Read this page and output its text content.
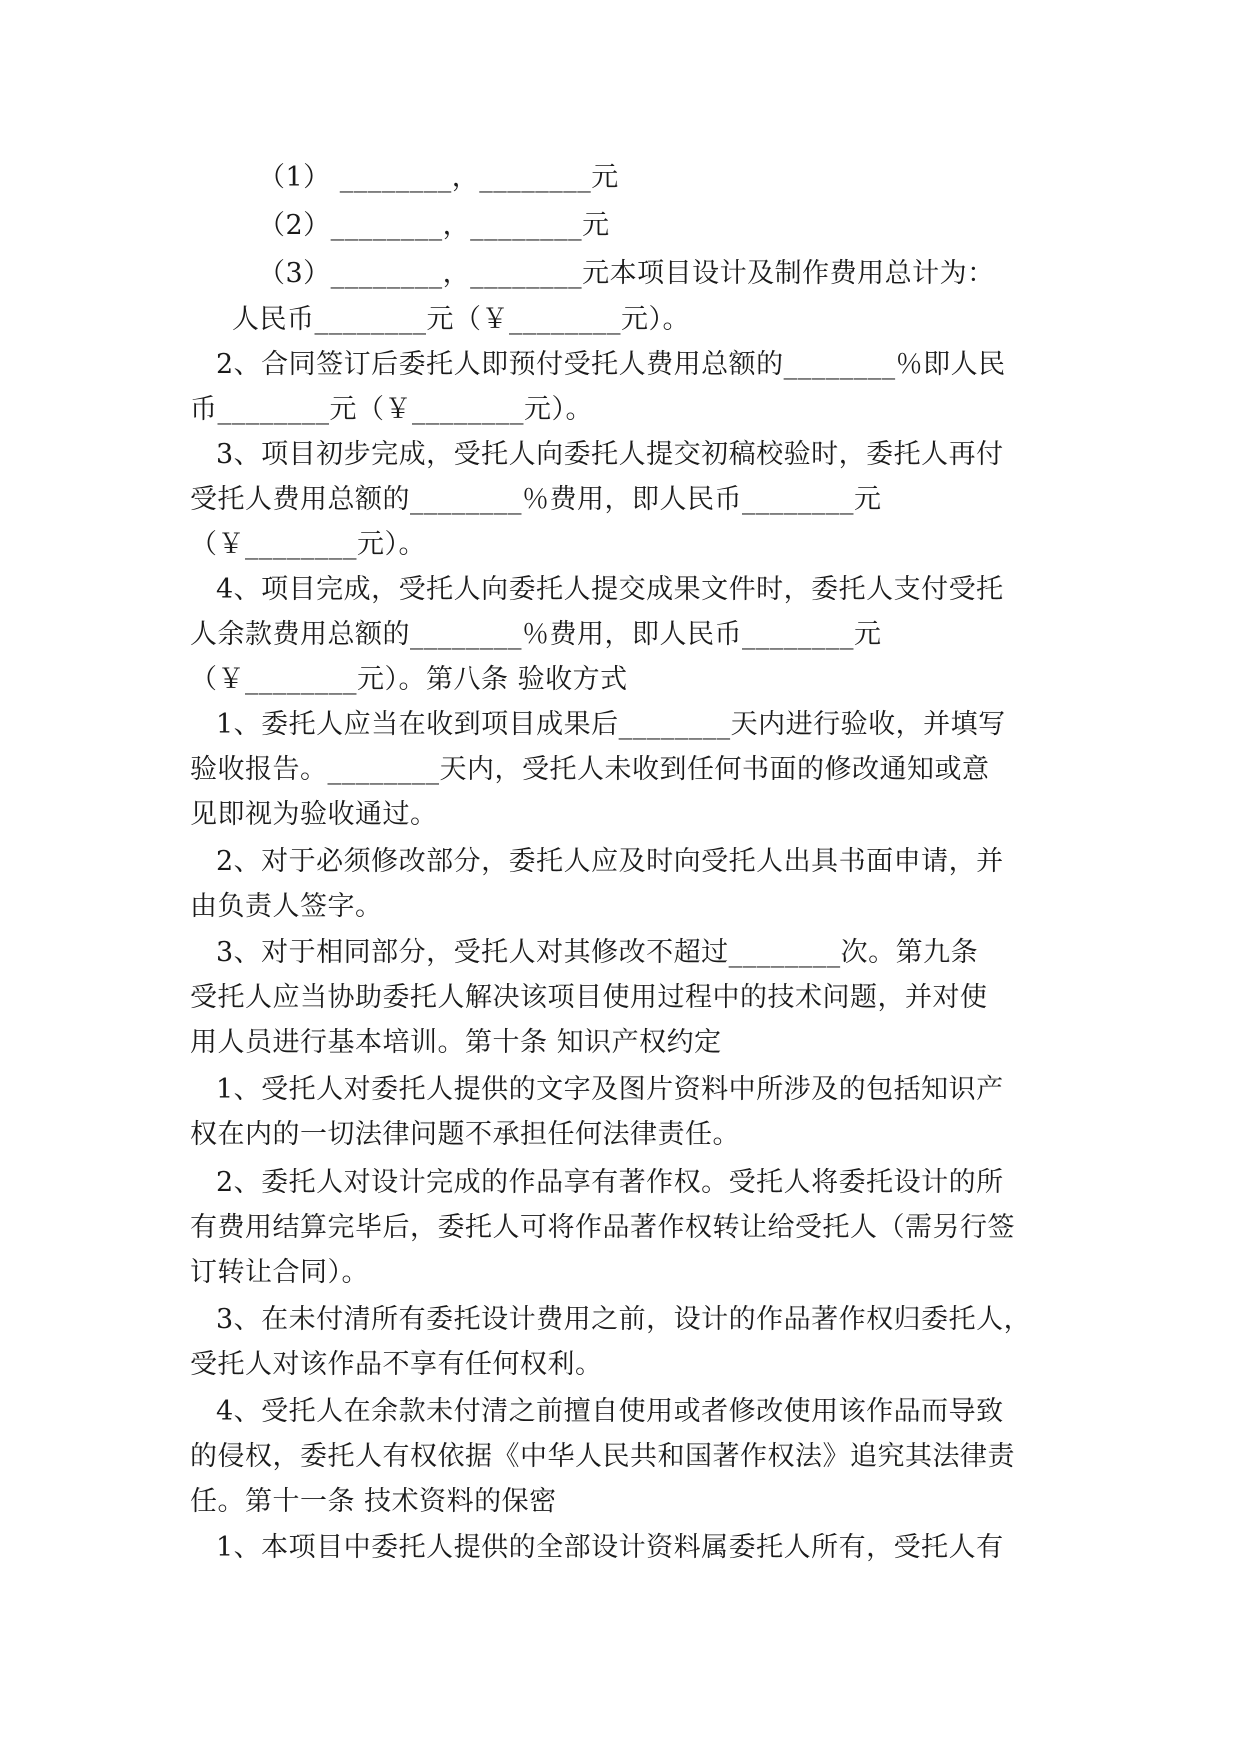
（1） ________，________元

（2）________，________元

（3）________，________元本项目设计及制作费用总计为：

人民币________元（￥________元）。

2、合同签订后委托人即预付受托人费用总额的________％即人民

币________元（￥________元）。

3、项目初步完成，受托人向委托人提交初稿校验时，委托人再付

受托人费用总额的________％费用，即人民币________元

（￥________元）。

4、项目完成，受托人向委托人提交成果文件时，委托人支付受托

人余款费用总额的________％费用，即人民币________元

（￥________元）。第八条 验收方式

1、委托人应当在收到项目成果后________天内进行验收，并填写

验收报告。________天内，受托人未收到任何书面的修改通知或意

见即视为验收通过。

2、对于必须修改部分，委托人应及时向受托人出具书面申请，并

由负责人签字。

3、对于相同部分，受托人对其修改不超过________次。第九条

受托人应当协助委托人解决该项目使用过程中的技术问题，并对使

用人员进行基本培训。第十条 知识产权约定

1、受托人对委托人提供的文字及图片资料中所涉及的包括知识产

权在内的一切法律问题不承担任何法律责任。

2、委托人对设计完成的作品享有著作权。受托人将委托设计的所

有费用结算完毕后，委托人可将作品著作权转让给受托人（需另行签

订转让合同）。

3、在未付清所有委托设计费用之前，设计的作品著作权归委托人，

受托人对该作品不享有任何权利。

4、受托人在余款未付清之前擅自使用或者修改使用该作品而导致

的侵权，委托人有权依据《中华人民共和国著作权法》追究其法律责

任。第十一条 技术资料的保密

1、本项目中委托人提供的全部设计资料属委托人所有，受托人有
